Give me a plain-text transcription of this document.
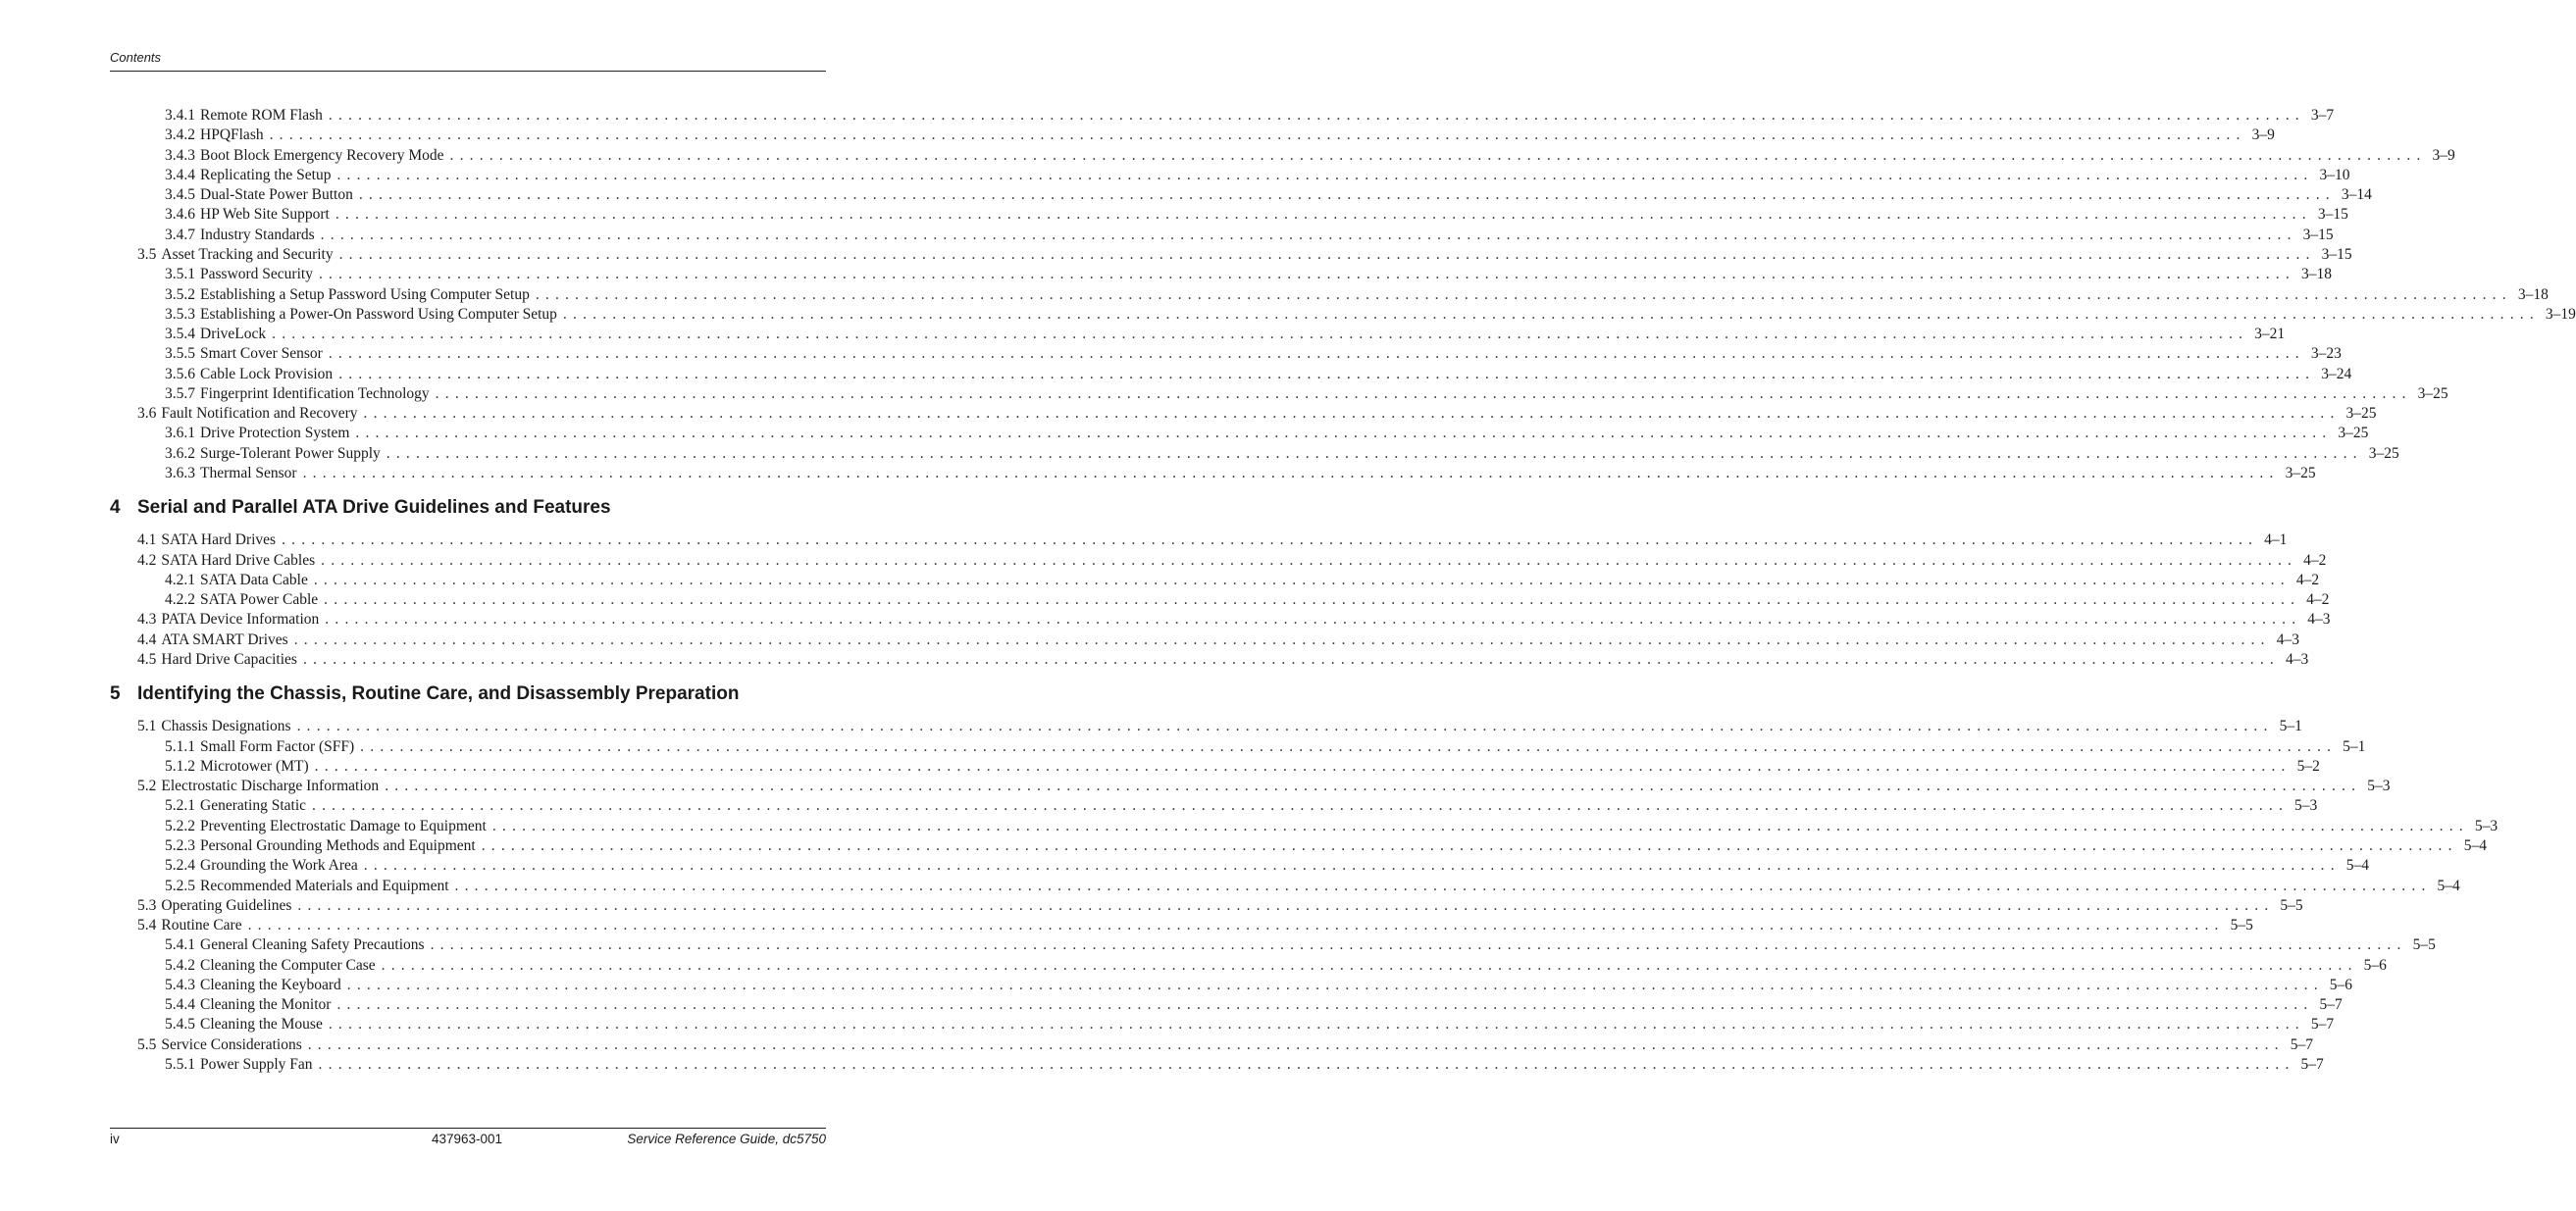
Contents
3.4.1 Remote ROM Flash ........................................................................................................................................................................................................ 3–7
3.4.2 HPQFlash ........................................................................................................................................................................................................ 3–9
3.4.3 Boot Block Emergency Recovery Mode ........................................................................................................................................................................................................ 3–9
3.4.4 Replicating the Setup ........................................................................................................................................................................................................ 3–10
3.4.5 Dual-State Power Button ........................................................................................................................................................................................................ 3–14
3.4.6 HP Web Site Support ........................................................................................................................................................................................................ 3–15
3.4.7 Industry Standards ........................................................................................................................................................................................................ 3–15
3.5 Asset Tracking and Security ........................................................................................................................................................................................................ 3–15
3.5.1 Password Security ........................................................................................................................................................................................................ 3–18
3.5.2 Establishing a Setup Password Using Computer Setup ........................................................................................................................................................................................................ 3–18
3.5.3 Establishing a Power-On Password Using Computer Setup ........................................................................................................................................................................................................ 3–19
3.5.4 DriveLock ........................................................................................................................................................................................................ 3–21
3.5.5 Smart Cover Sensor ........................................................................................................................................................................................................ 3–23
3.5.6 Cable Lock Provision ........................................................................................................................................................................................................ 3–24
3.5.7 Fingerprint Identification Technology ........................................................................................................................................................................................................ 3–25
3.6 Fault Notification and Recovery ........................................................................................................................................................................................................ 3–25
3.6.1 Drive Protection System ........................................................................................................................................................................................................ 3–25
3.6.2 Surge-Tolerant Power Supply ........................................................................................................................................................................................................ 3–25
3.6.3 Thermal Sensor ........................................................................................................................................................................................................ 3–25
4 Serial and Parallel ATA Drive Guidelines and Features
4.1 SATA Hard Drives ........................................................................................................................................................................................................ 4–1
4.2 SATA Hard Drive Cables ........................................................................................................................................................................................................ 4–2
4.2.1 SATA Data Cable ........................................................................................................................................................................................................ 4–2
4.2.2 SATA Power Cable ........................................................................................................................................................................................................ 4–2
4.3 PATA Device Information ........................................................................................................................................................................................................ 4–3
4.4 ATA SMART Drives ........................................................................................................................................................................................................ 4–3
4.5 Hard Drive Capacities ........................................................................................................................................................................................................ 4–3
5 Identifying the Chassis, Routine Care, and Disassembly Preparation
5.1 Chassis Designations ........................................................................................................................................................................................................ 5–1
5.1.1 Small Form Factor (SFF) ........................................................................................................................................................................................................ 5–1
5.1.2 Microtower (MT) ........................................................................................................................................................................................................ 5–2
5.2 Electrostatic Discharge Information ........................................................................................................................................................................................................ 5–3
5.2.1 Generating Static ........................................................................................................................................................................................................ 5–3
5.2.2 Preventing Electrostatic Damage to Equipment ........................................................................................................................................................................................................ 5–3
5.2.3 Personal Grounding Methods and Equipment ........................................................................................................................................................................................................ 5–4
5.2.4 Grounding the Work Area ........................................................................................................................................................................................................ 5–4
5.2.5 Recommended Materials and Equipment ........................................................................................................................................................................................................ 5–4
5.3 Operating Guidelines ........................................................................................................................................................................................................ 5–5
5.4 Routine Care ........................................................................................................................................................................................................ 5–5
5.4.1 General Cleaning Safety Precautions ........................................................................................................................................................................................................ 5–5
5.4.2 Cleaning the Computer Case ........................................................................................................................................................................................................ 5–6
5.4.3 Cleaning the Keyboard ........................................................................................................................................................................................................ 5–6
5.4.4 Cleaning the Monitor ........................................................................................................................................................................................................ 5–7
5.4.5 Cleaning the Mouse ........................................................................................................................................................................................................ 5–7
5.5 Service Considerations ........................................................................................................................................................................................................ 5–7
5.5.1 Power Supply Fan ........................................................................................................................................................................................................ 5–7
iv	437963-001	Service Reference Guide, dc5750
